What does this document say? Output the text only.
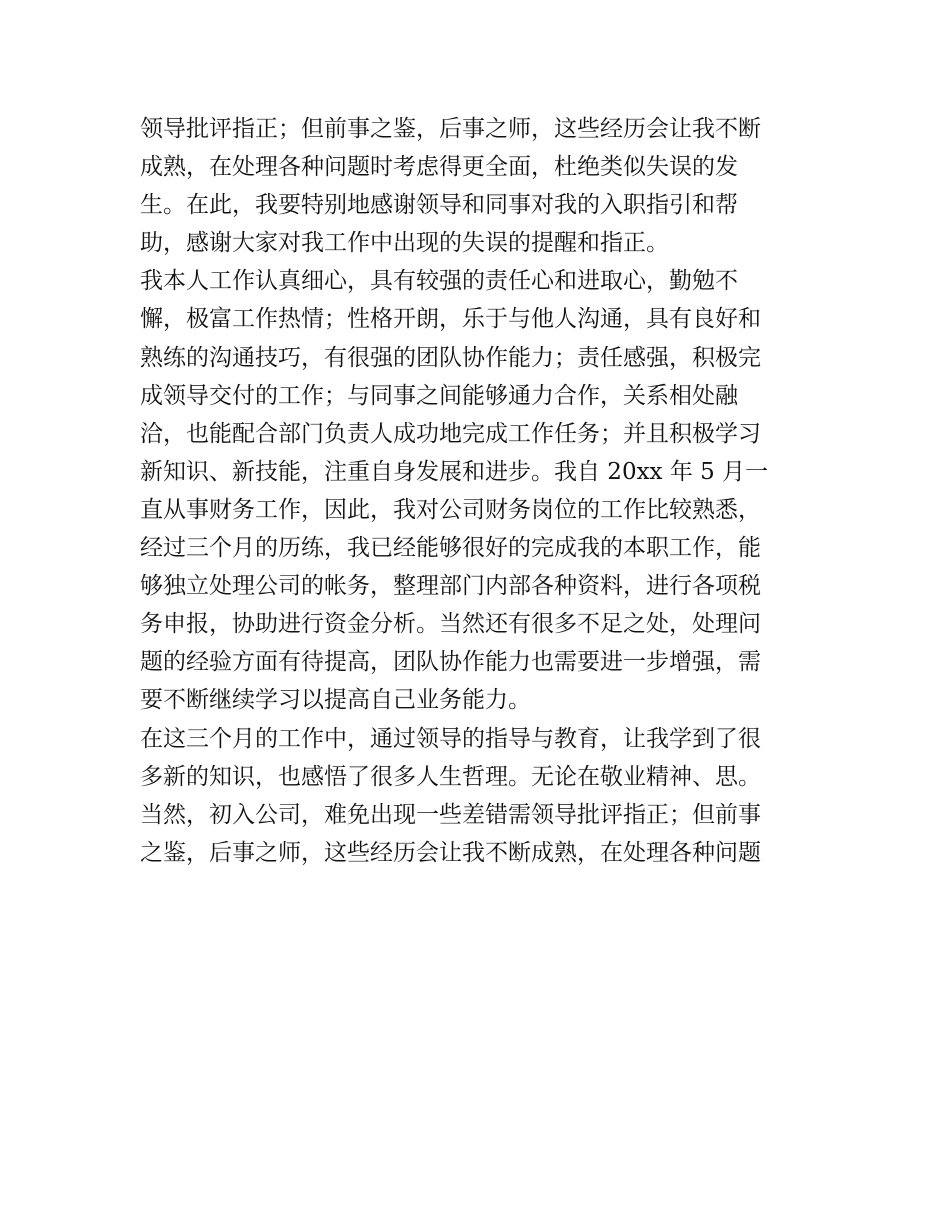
领导批评指正；但前事之鉴，后事之师，这些经历会让我不断
成熟，在处理各种问题时考虑得更全面，杜绝类似失误的发
生。在此，我要特别地感谢领导和同事对我的入职指引和帮
助，感谢大家对我工作中出现的失误的提醒和指正。
我本人工作认真细心，具有较强的责任心和进取心，勤勉不
懈，极富工作热情；性格开朗，乐于与他人沟通，具有良好和
熟练的沟通技巧，有很强的团队协作能力；责任感强，积极完
成领导交付的工作；与同事之间能够通力合作，关系相处融
洽，也能配合部门负责人成功地完成工作任务；并且积极学习
新知识、新技能，注重自身发展和进步。我自 20xx 年 5 月一
直从事财务工作，因此，我对公司财务岗位的工作比较熟悉，
经过三个月的历练，我已经能够很好的完成我的本职工作，能
够独立处理公司的帐务，整理部门内部各种资料，进行各项税
务申报，协助进行资金分析。当然还有很多不足之处，处理问
题的经验方面有待提高，团队协作能力也需要进一步增强，需
要不断继续学习以提高自己业务能力。
在这三个月的工作中，通过领导的指导与教育，让我学到了很
多新的知识，也感悟了很多人生哲理。无论在敬业精神、思。
当然，初入公司，难免出现一些差错需领导批评指正；但前事
之鉴，后事之师，这些经历会让我不断成熟，在处理各种问题
